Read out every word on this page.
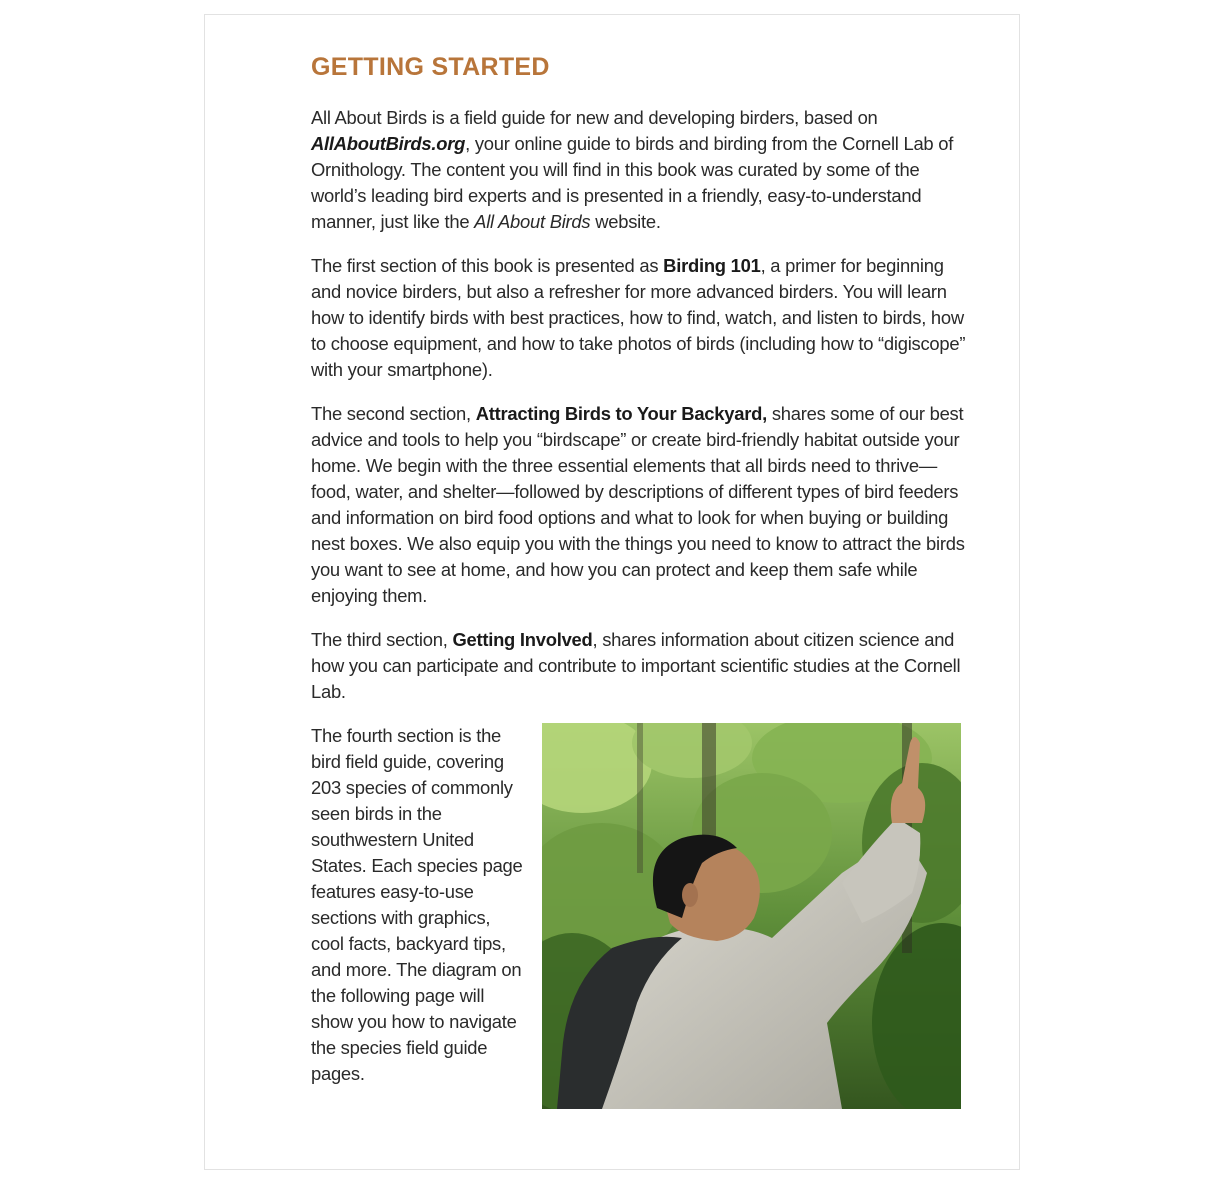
GETTING STARTED

All About Birds is a field guide for new and developing birders, based on AllAboutBirds.org, your online guide to birds and birding from the Cornell Lab of Ornithology. The content you will find in this book was curated by some of the world’s leading bird experts and is presented in a friendly, easy-to-understand manner, just like the All About Birds website.

The first section of this book is presented as Birding 101, a primer for beginning and novice birders, but also a refresher for more advanced birders. You will learn how to identify birds with best practices, how to find, watch, and listen to birds, how to choose equipment, and how to take photos of birds (including how to “digiscope” with your smartphone).

The second section, Attracting Birds to Your Backyard, shares some of our best advice and tools to help you “birdscape” or create bird-friendly habitat outside your home. We begin with the three essential elements that all birds need to thrive—food, water, and shelter—followed by descriptions of different types of bird feeders and information on bird food options and what to look for when buying or building nest boxes. We also equip you with the things you need to know to attract the birds you want to see at home, and how you can protect and keep them safe while enjoying them.

The third section, Getting Involved, shares information about citizen science and how you can participate and contribute to important scientific studies at the Cornell Lab.

The fourth section is the bird field guide, covering 203 species of commonly seen birds in the southwestern United States. Each species page features easy-to-use sections with graphics, cool facts, backyard tips, and more. The diagram on the following page will show you how to navigate the species field guide pages.
